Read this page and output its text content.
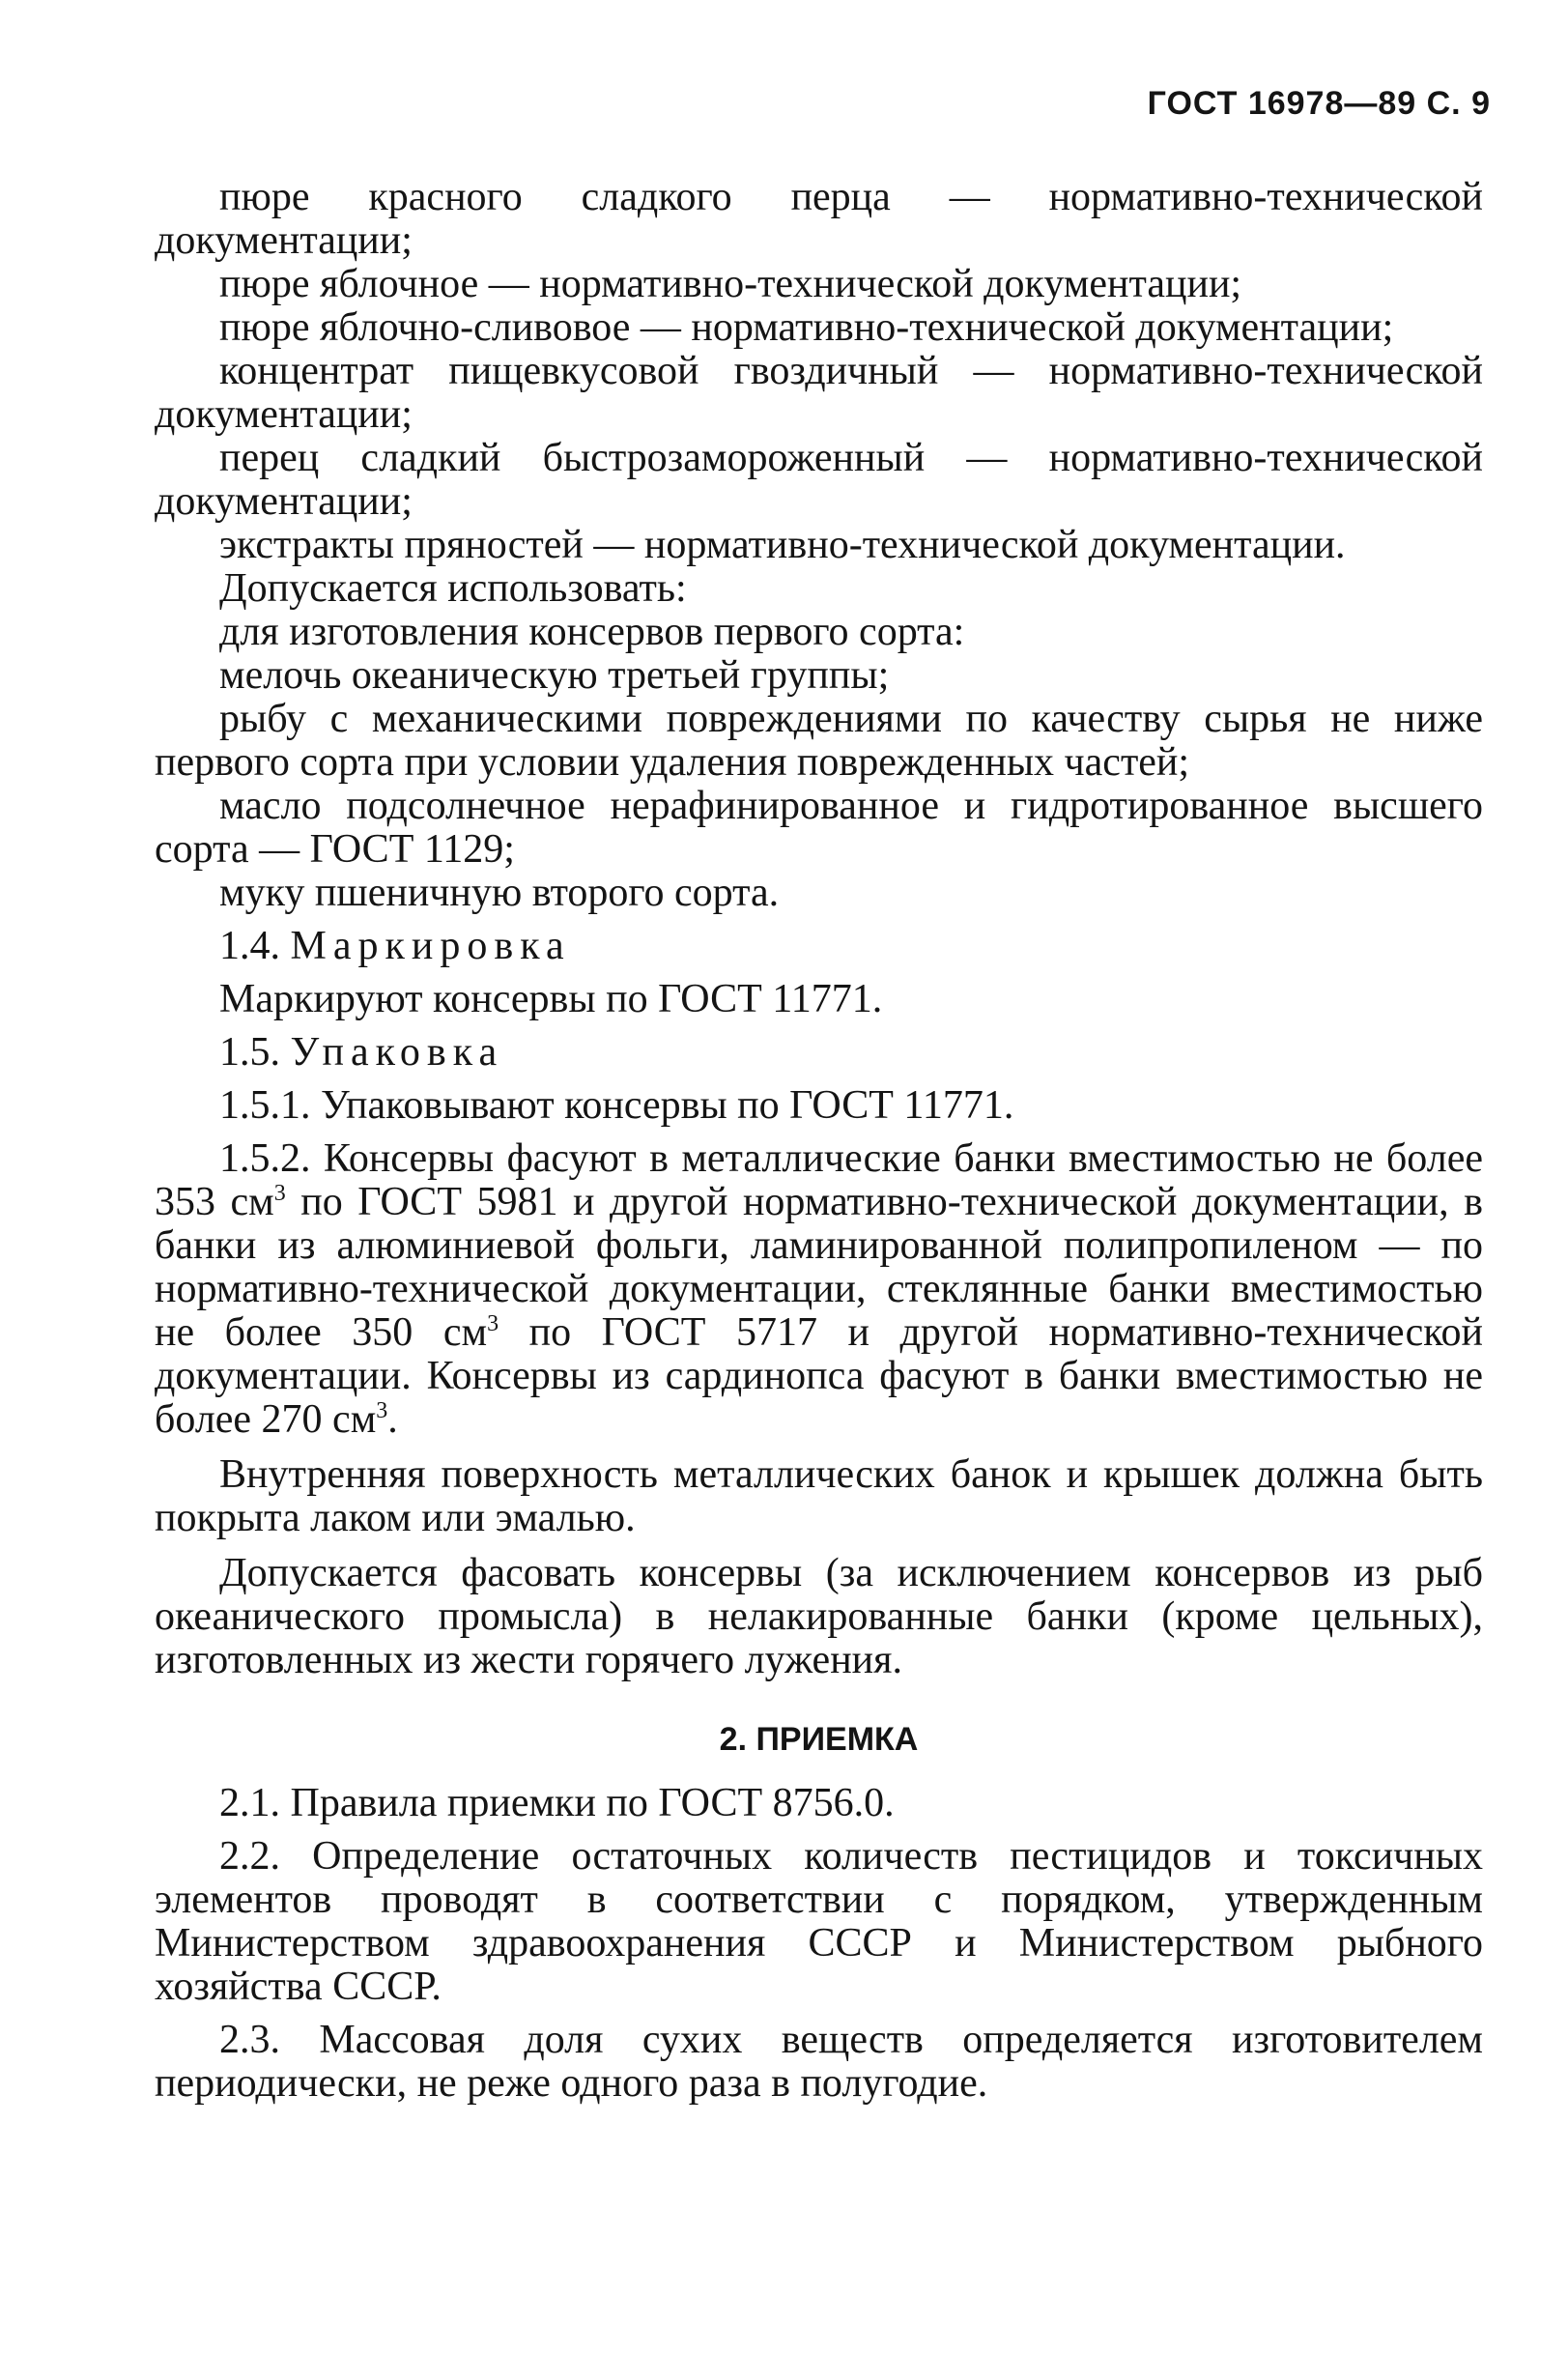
ГОСТ 16978—89 С. 9

пюре красного сладкого перца — нормативно-технической документации;

пюре яблочное — нормативно-технической документации;

пюре яблочно-сливовое — нормативно-технической документации;

концентрат пищевкусовой гвоздичный — нормативно-технической документации;

перец сладкий быстрозамороженный — нормативно-технической документации;

экстракты пряностей — нормативно-технической документации.

Допускается использовать:

для изготовления консервов первого сорта:

мелочь океаническую третьей группы;

рыбу с механическими повреждениями по качеству сырья не ниже первого сорта при условии удаления поврежденных частей;

масло подсолнечное нерафинированное и гидротированное высшего сорта — ГОСТ 1129;

муку пшеничную второго сорта.

1.4. Маркировка

Маркируют консервы по ГОСТ 11771.

1.5. Упаковка

1.5.1. Упаковывают консервы по ГОСТ 11771.

1.5.2. Консервы фасуют в металлические банки вместимостью не более 353 $см^3$ по ГОСТ 5981 и другой нормативно-технической документации, в банки из алюминиевой фольги, ламинированной полипропиленом — по нормативно-технической документации, стеклянные банки вместимостью не более 350 $см^3$ по ГОСТ 5717 и другой нормативно-технической документации. Консервы из сардинопса фасуют в банки вместимостью не более 270 $см^3$.

Внутренняя поверхность металлических банок и крышек должна быть покрыта лаком или эмалью.

Допускается фасовать консервы (за исключением консервов из рыб океанического промысла) в нелакированные банки (кроме цельных), изготовленных из жести горячего лужения.

2. ПРИЕМКА

2.1. Правила приемки по ГОСТ 8756.0.

2.2. Определение остаточных количеств пестицидов и токсичных элементов проводят в соответствии с порядком, утвержденным Министерством здравоохранения СССР и Министерством рыбного хозяйства СССР.

2.3. Массовая доля сухих веществ определяется изготовителем периодически, не реже одного раза в полугодие.
